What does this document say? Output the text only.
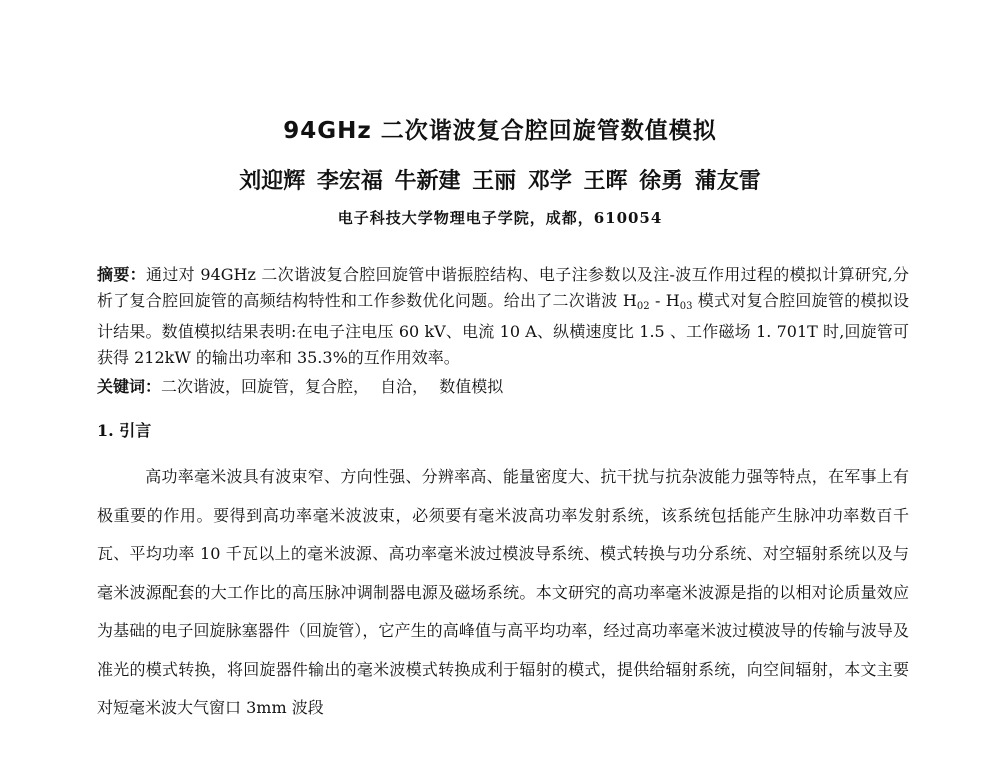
94GHz 二次谐波复合腔回旋管数值模拟
刘迎辉 李宏福 牛新建 王丽 邓学 王晖 徐勇 蒲友雷
电子科技大学物理电子学院，成都，610054
摘要：通过对 94GHz 二次谐波复合腔回旋管中谐振腔结构、电子注参数以及注-波互作用过程的模拟计算研究,分析了复合腔回旋管的高频结构特性和工作参数优化问题。给出了二次谐波 $H_{02} - H_{03}$ 模式对复合腔回旋管的模拟设计结果。数值模拟结果表明:在电子注电压 60 kV、电流 10 A、纵横速度比 1.5 、工作磁场 1. 701T 时,回旋管可获得 212kW 的输出功率和 35.3%的互作用效率。
关键词：二次谐波，回旋管，复合腔， 自洽， 数值模拟
1. 引言

高功率毫米波具有波束窄、方向性强、分辨率高、能量密度大、抗干扰与抗杂波能力强等特点，在军事上有极重要的作用。要得到高功率毫米波波束，必须要有毫米波高功率发射系统，该系统包括能产生脉冲功率数百千瓦、平均功率 10 千瓦以上的毫米波源、高功率毫米波过模波导系统、模式转换与功分系统、对空辐射系统以及与毫米波源配套的大工作比的高压脉冲调制器电源及磁场系统。本文研究的高功率毫米波源是指的以相对论质量效应为基础的电子回旋脉塞器件（回旋管），它产生的高峰值与高平均功率，经过高功率毫米波过模波导的传输与波导及准光的模式转换，将回旋器件输出的毫米波模式转换成利于辐射的模式，提供给辐射系统，向空间辐射，本文主要对短毫米波大气窗口 3mm 波段
